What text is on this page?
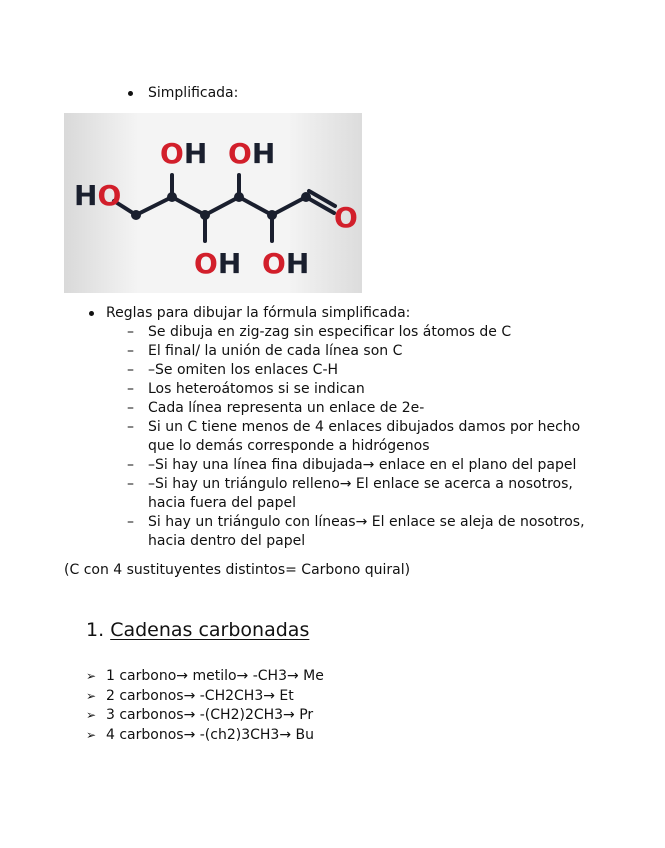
Simplificada:
HO
OH OH
OH OH
O
Reglas para dibujar la fórmula simplificada:
– Se dibuja en zig-zag sin especificar los átomos de C
– El final/ la unión de cada línea son C
– –Se omiten los enlaces C-H
– Los heteroátomos si se indican
– Cada línea representa un enlace de 2e-
– Si un C tiene menos de 4 enlaces dibujados damos por hecho
que lo demás corresponde a hidrógenos
– –Si hay una línea fina dibujada→ enlace en el plano del papel
– –Si hay un triángulo relleno→ El enlace se acerca a nosotros,
hacia fuera del papel
– Si hay un triángulo con líneas→ El enlace se aleja de nosotros,
hacia dentro del papel
(C con 4 sustituyentes distintos= Carbono quiral)
1. Cadenas carbonadas
➢ 1 carbono→ metilo→ -CH3→ Me
➢ 2 carbonos→ -CH2CH3→ Et
➢ 3 carbonos→ -(CH2)2CH3→ Pr
➢ 4 carbonos→ -(ch2)3CH3→ Bu
